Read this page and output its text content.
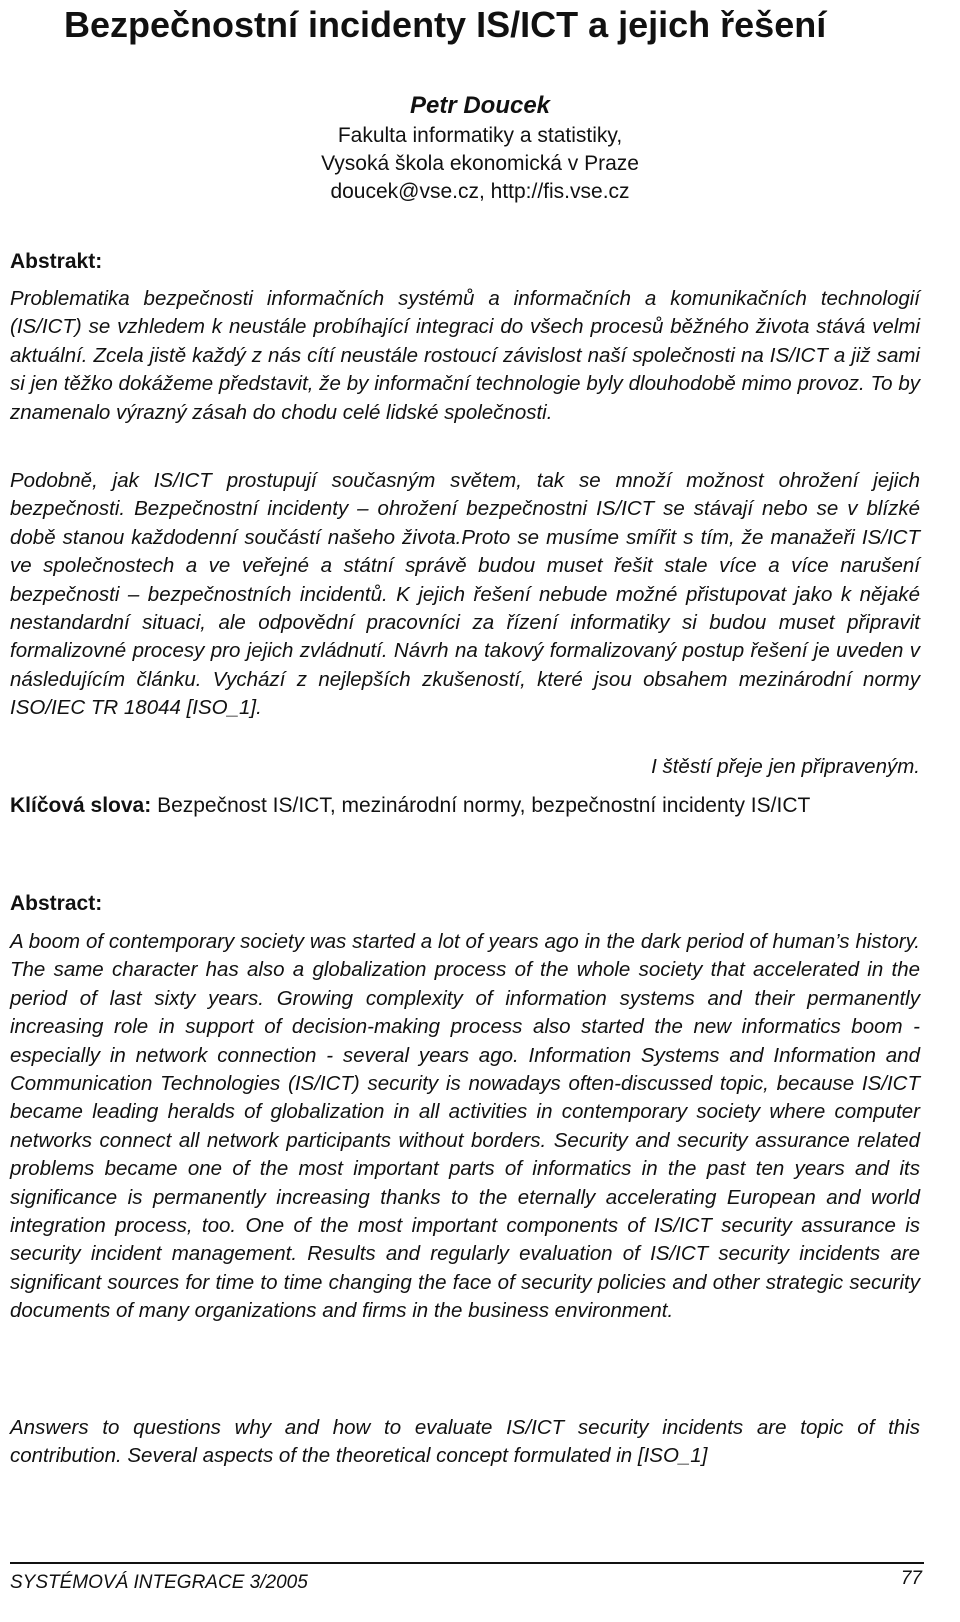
Bezpečnostní incidenty IS/ICT a jejich řešení
Petr Doucek
Fakulta informatiky a statistiky,
Vysoká škola ekonomická v Praze
doucek@vse.cz, http://fis.vse.cz
Abstrakt:

Problematika bezpečnosti informačních systémů a informačních a komunikačních technologií (IS/ICT) se vzhledem k neustále probíhající integraci do všech procesů běžného života stává velmi aktuální. Zcela jistě každý z nás cítí neustále rostoucí závislost naší společnosti na IS/ICT a již sami si jen těžko dokážeme představit, že by informační technologie byly dlouhodobě mimo provoz. To by znamenalo výrazný zásah do chodu celé lidské společnosti.

Podobně, jak IS/ICT prostupují současným světem, tak se množí možnost ohrožení jejich bezpečnosti. Bezpečnostní incidenty – ohrožení bezpečnostni IS/ICT se stávají nebo se v blízké době stanou každodenní součástí našeho života.Proto se musíme smířit s tím, že manažeři IS/ICT ve společnostech a ve veřejné a státní správě budou muset řešit stale více a více narušení bezpečnosti – bezpečnostních incidentů. K jejich řešení nebude možné přistupovat jako k nějaké nestandardní situaci, ale odpovědní pracovníci za řízení informatiky si budou muset připravit formalizovné procesy pro jejich zvládnutí. Návrh na takový formalizovaný postup řešení je uveden v následujícím článku. Vychází z nejlepších zkušeností, které jsou obsahem mezinárodní normy ISO/IEC TR 18044 [ISO_1].

I štěstí přeje jen připraveným.

Klíčová slova: Bezpečnost IS/ICT, mezinárodní normy, bezpečnostní incidenty IS/ICT

Abstract:

A boom of contemporary society was started a lot of years ago in the dark period of human’s history. The same character has also a globalization process of the whole society that accelerated in the period of last sixty years. Growing complexity of information systems and their permanently increasing role in support of decision-making process also started the new informatics boom - especially in network connection - several years ago. Information Systems and Information and Communication Technologies (IS/ICT) security is nowadays often-discussed topic, because IS/ICT became leading heralds of globalization in all activities in contemporary society where computer networks connect all network participants without borders. Security and security assurance related problems became one of the most important parts of informatics in the past ten years and its significance is permanently increasing thanks to the eternally accelerating European and world integration process, too. One of the most important components of IS/ICT security assurance is security incident management. Results and regularly evaluation of IS/ICT security incidents are significant sources for time to time changing the face of security policies and other strategic security documents of many organizations and firms in the business environment.

Answers to questions why and how to evaluate IS/ICT security incidents are topic of this contribution. Several aspects of the theoretical concept formulated in [ISO_1]

SYSTÉMOVÁ INTEGRACE 3/2005	77
